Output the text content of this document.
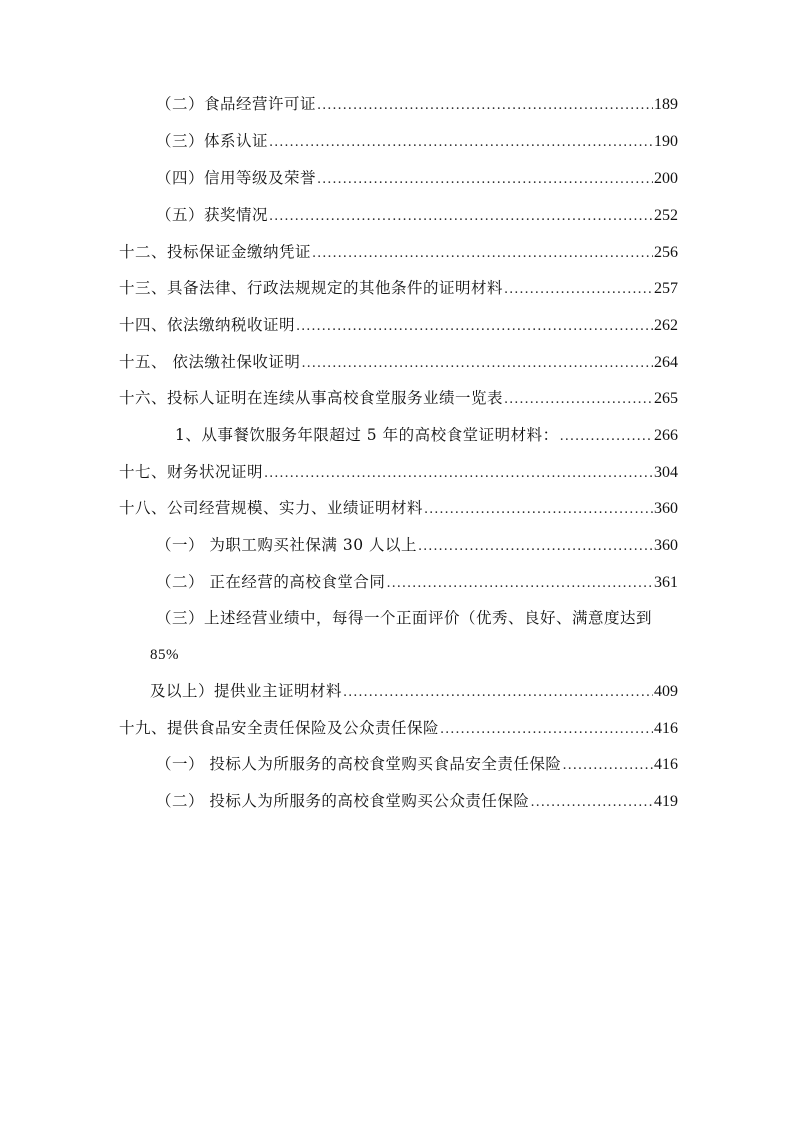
（二）食品经营许可证 .....	189
（三）体系认证 .....	190
（四）信用等级及荣誉 .....	200
（五）获奖情况 .....	252
十二、投标保证金缴纳凭证 .....	256
十三、具备法律、行政法规规定的其他条件的证明材料 .....	257
十四、依法缴纳税收证明 .....	262
十五、 依法缴社保收证明 .....	264
十六、投标人证明在连续从事高校食堂服务业绩一览表 .....	265
1、从事餐饮服务年限超过 5 年的高校食堂证明材料： .....	266
十七、财务状况证明 .....	304
十八、公司经营规模、实力、业绩证明材料 .....	360
（一） 为职工购买社保满 30 人以上 .....	360
（二） 正在经营的高校食堂合同 .....	361
（三）上述经营业绩中，每得一个正面评价（优秀、良好、满意度达到
85%
及以上）提供业主证明材料 .....	409
十九、提供食品安全责任保险及公众责任保险 .....	416
（一） 投标人为所服务的高校食堂购买食品安全责任保险 .....	416
（二） 投标人为所服务的高校食堂购买公众责任保险 .....	419
